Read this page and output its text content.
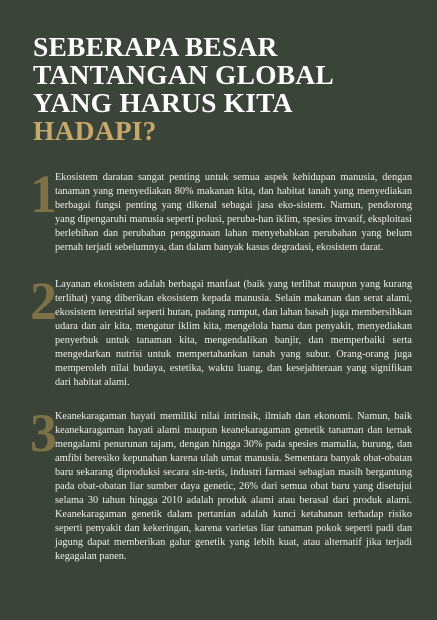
SEBERAPA BESAR
TANTANGAN GLOBAL
YANG HARUS KITA
HADAPI?
1

Ekosistem daratan sangat penting untuk semua aspek kehidupan manusia, dengan tanaman yang menyediakan 80% makanan kita, dan habitat tanah yang menyediakan berbagai fungsi penting yang dikenal sebagai jasa eko-sistem. Namun, pendorong yang dipengaruhi manusia seperti polusi, peruba-han iklim, spesies invasif, eksploitasi berlebihan dan perubahan penggunaan lahan menyebabkan perubahan yang belum pernah terjadi sebelumnya, dan dalam banyak kasus degradasi, ekosistem darat.

2

Layanan ekosistem adalah berbagai manfaat (baik yang terlihat maupun yang kurang terlihat) yang diberikan ekosistem kepada manusia. Selain makanan dan serat alami, ekosistem terestrial seperti hutan, padang rumput, dan lahan basah juga membersihkan udara dan air kita, mengatur iklim kita, mengelola hama dan penyakit, menyediakan penyerbuk untuk tanaman kita, mengendalikan banjir, dan memperbaiki serta mengedarkan nutrisi untuk mempertahankan tanah yang subur. Orang-orang juga memperoleh nilai budaya, estetika, waktu luang, dan kesejahteraan yang signifikan dari habitat alami.

3

Keanekaragaman hayati memiliki nilai intrinsik, ilmiah dan ekonomi. Namun, baik keanekaragaman hayati alami maupun keanekaragaman genetik tanaman dan ternak mengalami penurunan tajam, dengan hingga 30% pada spesies mamalia, burung, dan amfibi beresiko kepunahan karena ulah umat manusia. Sementara banyak obat-obatan baru sekarang diproduksi secara sin-tetis, industri farmasi sebagian masih bergantung pada obat-obatan liar sumber daya genetic, 26% dari semua obat baru yang disetujui selama 30 tahun hingga 2010 adalah produk alami atau berasal dari produk alami. Keanekaragaman genetik dalam pertanian adalah kunci ketahanan terhadap risiko seperti penyakit dan kekeringan, karena varietas liar tanaman pokok seperti padi dan jagung dapat memberikan galur genetik yang lebih kuat, atau alternatif jika terjadi kegagalan panen.
